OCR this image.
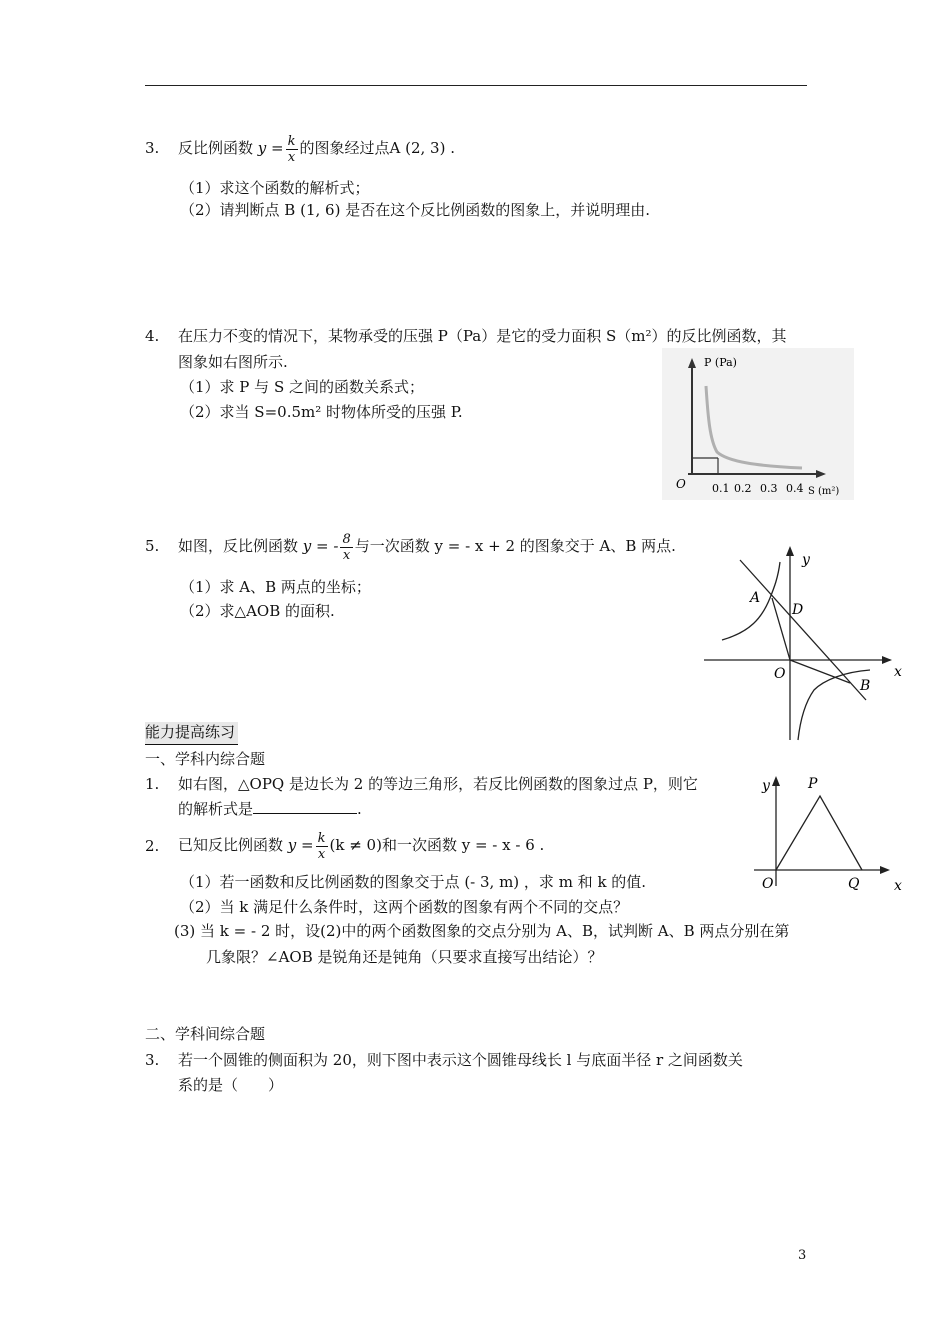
3. 反比例函数 $y = \frac{k}{x}$ 的图象经过点A (2, 3) .
（1）求这个函数的解析式；
（2）请判断点 B (1, 6) 是否在这个反比例函数的图象上，并说明理由.
4. 在压力不变的情况下，某物承受的压强 P（Pa）是它的受力面积 S（m²）的反比例函数，其
图象如右图所示.
（1）求 P 与 S 之间的函数关系式；
（2）求当 S=0.5m² 时物体所受的压强 P.
P (Pa)
O 0.1 0.2 0.3 0.4 S (m²)
5. 如图，反比例函数 y = - $\frac{8}{x}$ 与一次函数 y = - x + 2 的图象交于 A、B 两点.
（1）求 A、B 两点的坐标；
（2）求△AOB 的面积.
y
x
O
A
D
B
能力提高练习
一、学科内综合题
1. 如右图，△OPQ 是边长为 2 的等边三角形，若反比例函数的图象过点 P，则它
的解析式是	.
y	P
O	Q x
2. 已知反比例函数 $y = \frac{k}{x} (k \ne 0)$和一次函数 y = - x - 6 .
（1）若一函数和反比例函数的图象交于点 (- 3, m) ，求 m 和 k 的值.
（2）当 k 满足什么条件时，这两个函数的图象有两个不同的交点？
(3) 当 k = - 2 时，设(2)中的两个函数图象的交点分别为 A、B，试判断 A、B 两点分别在第
几象限？∠AOB 是锐角还是钝角（只要求直接写出结论）？
二、学科间综合题
3. 若一个圆锥的侧面积为 20，则下图中表示这个圆锥母线长 l 与底面半径 r 之间函数关
系的是（　　）
3
